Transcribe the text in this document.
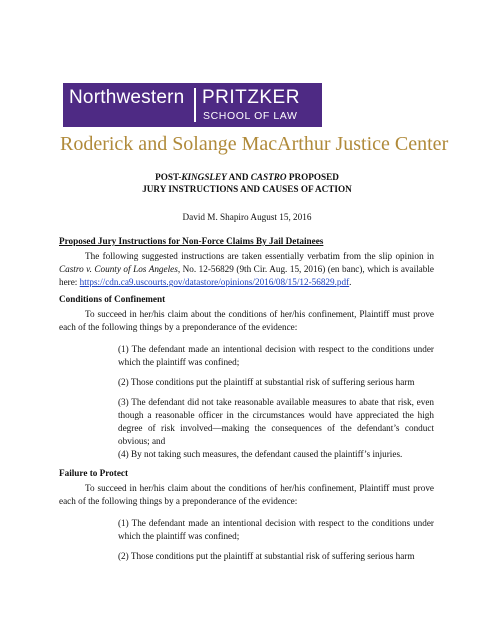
Northwestern PRITZKER
SCHOOL OF LAW
Roderick and Solange MacArthur Justice Center
POST-KINGSLEY AND CASTRO PROPOSED
JURY INSTRUCTIONS AND CAUSES OF ACTION
David M. Shapiro August 15, 2016
Proposed Jury Instructions for Non-Force Claims By Jail Detainees
The following suggested instructions are taken essentially verbatim from the slip opinion in Castro v. County of Los Angeles, No. 12-56829 (9th Cir. Aug. 15, 2016) (en banc), which is available here: https://cdn.ca9.uscourts.gov/datastore/opinions/2016/08/15/12-56829.pdf.
Conditions of Confinement
To succeed in her/his claim about the conditions of her/his confinement, Plaintiff must prove each of the following things by a preponderance of the evidence:
(1) The defendant made an intentional decision with respect to the conditions under which the plaintiff was confined;
(2) Those conditions put the plaintiff at substantial risk of suffering serious harm
(3) The defendant did not take reasonable available measures to abate that risk, even though a reasonable officer in the circumstances would have appreciated the high degree of risk involved—making the consequences of the defendant’s conduct obvious; and
(4) By not taking such measures, the defendant caused the plaintiff’s injuries.
Failure to Protect
To succeed in her/his claim about the conditions of her/his confinement, Plaintiff must prove each of the following things by a preponderance of the evidence:
(1) The defendant made an intentional decision with respect to the conditions under which the plaintiff was confined;
(2) Those conditions put the plaintiff at substantial risk of suffering serious harm
